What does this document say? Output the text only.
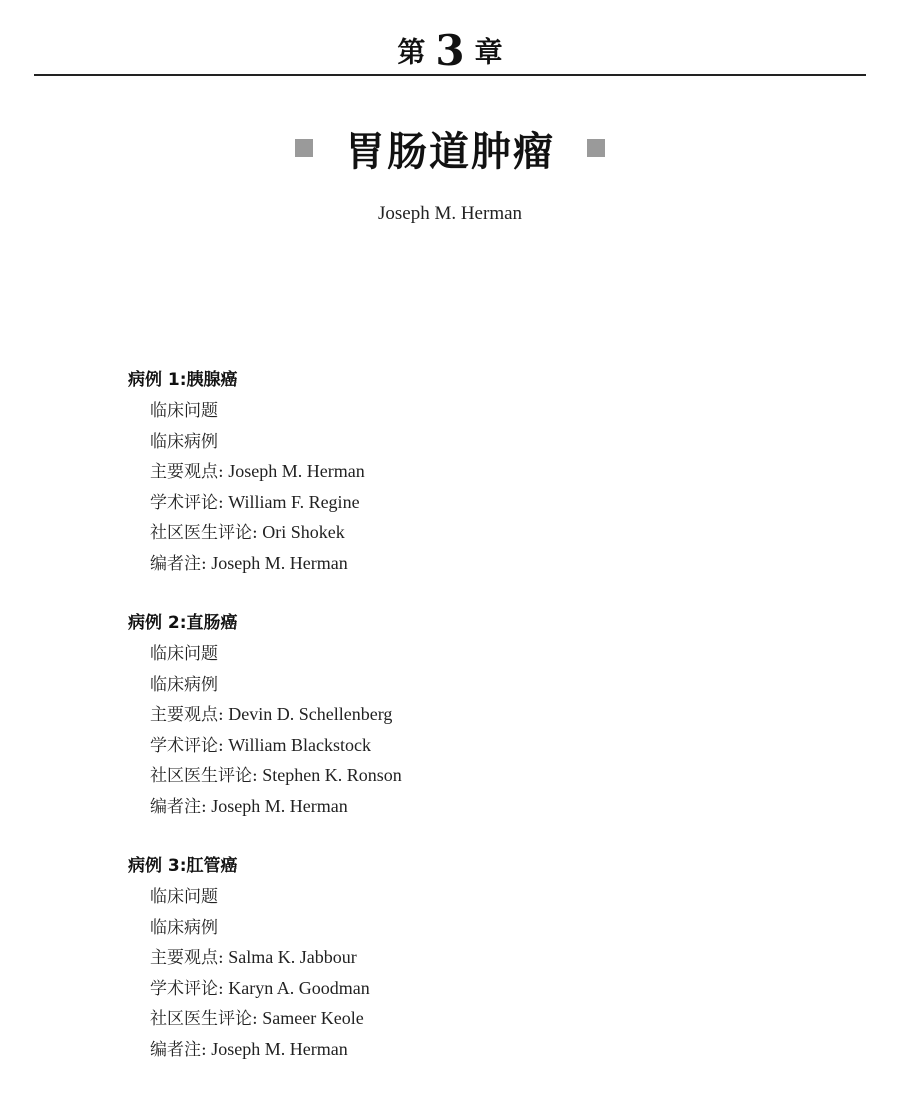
第 3 章
胃肠道肿瘤
Joseph M. Herman
病例 1:胰腺癌
临床问题
临床病例
主要观点: Joseph M. Herman
学术评论: William F. Regine
社区医生评论: Ori Shokek
编者注: Joseph M. Herman
病例 2:直肠癌
临床问题
临床病例
主要观点: Devin D. Schellenberg
学术评论: William Blackstock
社区医生评论: Stephen K. Ronson
编者注: Joseph M. Herman
病例 3:肛管癌
临床问题
临床病例
主要观点: Salma K. Jabbour
学术评论: Karyn A. Goodman
社区医生评论: Sameer Keole
编者注: Joseph M. Herman
